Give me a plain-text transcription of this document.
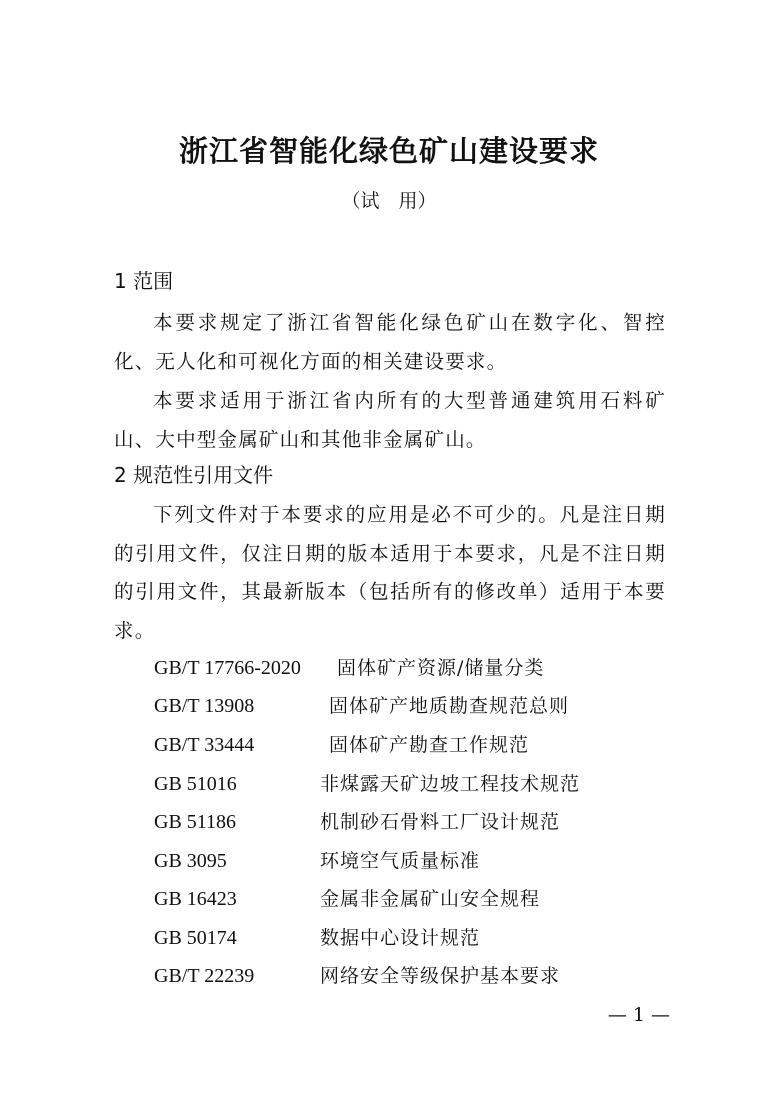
浙江省智能化绿色矿山建设要求
（试　用）
1 范围
本要求规定了浙江省智能化绿色矿山在数字化、智控化、无人化和可视化方面的相关建设要求。
本要求适用于浙江省内所有的大型普通建筑用石料矿山、大中型金属矿山和其他非金属矿山。
2 规范性引用文件
下列文件对于本要求的应用是必不可少的。凡是注日期的引用文件，仅注日期的版本适用于本要求，凡是不注日期的引用文件，其最新版本（包括所有的修改单）适用于本要求。
GB/T 17766-2020 固体矿产资源/储量分类
GB/T 13908	固体矿产地质勘查规范总则
GB/T 33444	固体矿产勘查工作规范
GB 51016	非煤露天矿边坡工程技术规范
GB 51186	机制砂石骨料工厂设计规范
GB 3095	环境空气质量标准
GB 16423	金属非金属矿山安全规程
GB 50174	数据中心设计规范
GB/T 22239	网络安全等级保护基本要求
— 1 —
